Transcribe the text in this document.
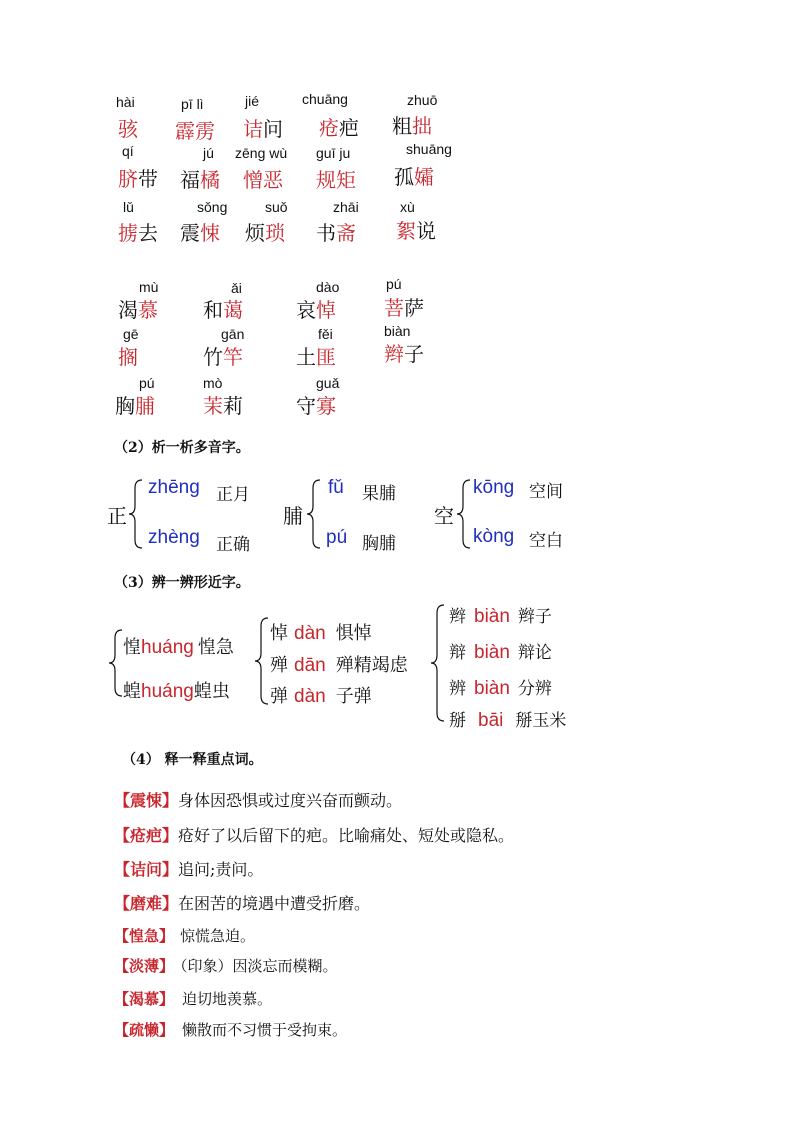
hài
骇
pī lì
霹雳
jié
诘问
chuāng
疮疤
zhuō
粗拙
qí
脐带
jú
福橘
zēng wù
憎恶
guī ju
规矩
shuāng
孤孀
lǔ
掳去
sǒng
震悚
suǒ
烦琐
zhāi
书斋
xù
絮说
mù
渴慕
ǎi
和蔼
dào
哀悼
pú
菩萨
gē
搁
gān
竹竿
fěi
土匪
biàn
辫子
pú
胸脯
mò
茉莉
guǎ
守寡
（2）析一析多音字。
正
zhēng 正月
zhèng 正确
脯
fǔ 果脯
pú 胸脯
空
kōng 空间
kòng 空白
（3）辨一辨形近字。
惶huáng 惶急
蝗huáng蝗虫
悼 dàn 惧悼
殚 dān 殚精竭虑
弹 dàn 子弹
辫 biàn 辫子
辩 biàn 辩论
辨 biàn 分辨
掰 bāi 掰玉米
（4） 释一释重点词。
【震悚】身体因恐惧或过度兴奋而颤动。
【疮疤】疮好了以后留下的疤。比喻痛处、短处或隐私。
【诘问】追问;责问。
【磨难】在困苦的境遇中遭受折磨。
【惶急】 惊慌急迫。
【淡薄】 （印象）因淡忘而模糊。
【渴慕】 迫切地羡慕。
【疏懒】 懒散而不习惯于受拘束。
